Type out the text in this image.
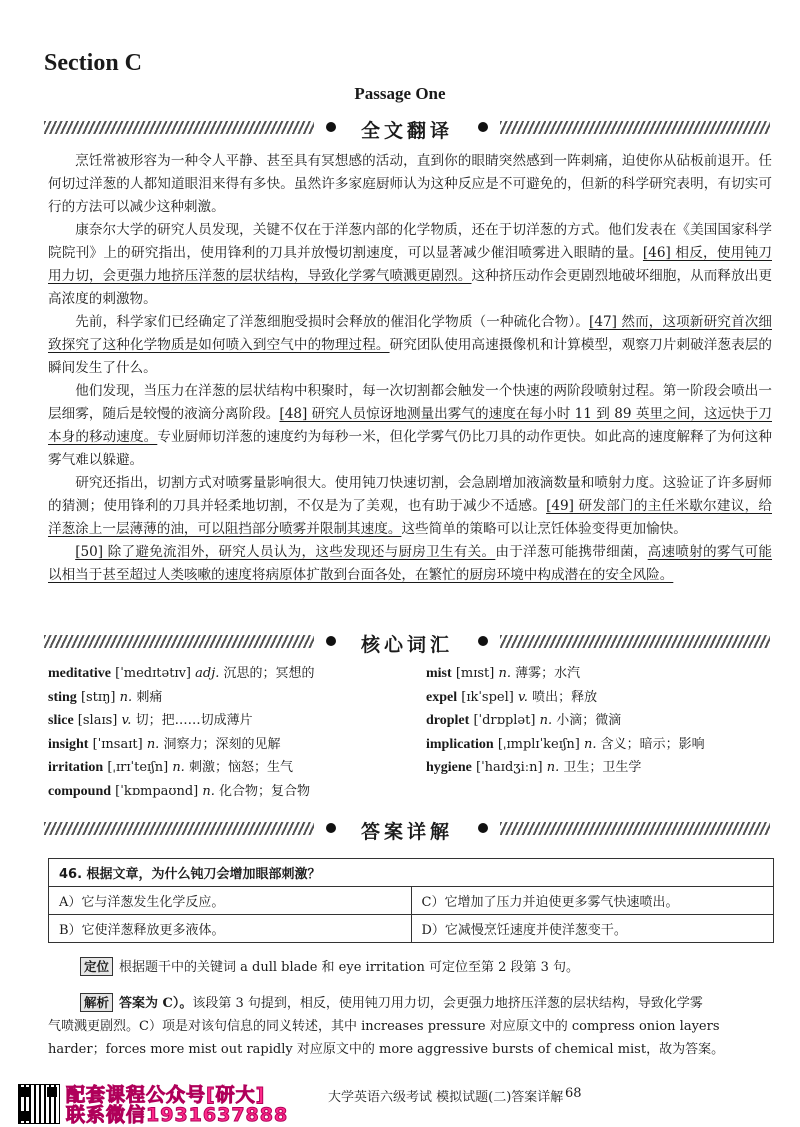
Section C
Passage One
全文翻译

烹饪常被形容为一种令人平静、甚至具有冥想感的活动，直到你的眼睛突然感到一阵刺痛，迫使你从砧板前退开。任何切过洋葱的人都知道眼泪来得有多快。虽然许多家庭厨师认为这种反应是不可避免的，但新的科学研究表明，有切实可行的方法可以减少这种刺激。

康奈尔大学的研究人员发现，关键不仅在于洋葱内部的化学物质，还在于切洋葱的方式。他们发表在《美国国家科学院院刊》上的研究指出，使用锋利的刀具并放慢切割速度，可以显著减少催泪喷雾进入眼睛的量。[46] 相反，使用钝刀用力切，会更强力地挤压洋葱的层状结构，导致化学雾气喷溅更剧烈。这种挤压动作会更剧烈地破坏细胞，从而释放出更高浓度的刺激物。

先前，科学家们已经确定了洋葱细胞受损时会释放的催泪化学物质（一种硫化合物）。[47] 然而，这项新研究首次细致探究了这种化学物质是如何喷入到空气中的物理过程。研究团队使用高速摄像机和计算模型，观察刀片刺破洋葱表层的瞬间发生了什么。

他们发现，当压力在洋葱的层状结构中积聚时，每一次切割都会触发一个快速的两阶段喷射过程。第一阶段会喷出一层细雾，随后是较慢的液滴分离阶段。[48] 研究人员惊讶地测量出雾气的速度在每小时 11 到 89 英里之间，这远快于刀本身的移动速度。专业厨师切洋葱的速度约为每秒一米，但化学雾气仍比刀具的动作更快。如此高的速度解释了为何这种雾气难以躲避。

研究还指出，切割方式对喷雾量影响很大。使用钝刀快速切割，会急剧增加液滴数量和喷射力度。这验证了许多厨师的猜测；使用锋利的刀具并轻柔地切割，不仅是为了美观，也有助于减少不适感。[49] 研发部门的主任米歇尔建议，给洋葱涂上一层薄薄的油，可以阻挡部分喷雾并限制其速度。这些简单的策略可以让烹饪体验变得更加愉快。

[50] 除了避免流泪外，研究人员认为，这些发现还与厨房卫生有关。由于洋葱可能携带细菌，高速喷射的雾气可能以相当于甚至超过人类咳嗽的速度将病原体扩散到台面各处，在繁忙的厨房环境中构成潜在的安全风险。

核心词汇
meditative [ˈmedɪtətɪv] adj. 沉思的；冥想的
sting [stɪŋ] n. 刺痛
slice [slaɪs] v. 切；把……切成薄片
insight [ˈɪnsaɪt] n. 洞察力；深刻的见解
irritation [ˌɪrɪˈteɪʃn] n. 刺激；恼怒；生气
compound [ˈkɒmpaʊnd] n. 化合物；复合物
mist [mɪst] n. 薄雾；水汽
expel [ɪkˈspel] v. 喷出；释放
droplet [ˈdrɒplət] n. 小滴；微滴
implication [ˌɪmplɪˈkeɪʃn] n. 含义；暗示；影响
hygiene [ˈhaɪdʒiːn] n. 卫生；卫生学
答案详解
46. 根据文章，为什么钝刀会增加眼部刺激？	
A）它与洋葱发生化学反应。	C）它增加了压力并迫使更多雾气快速喷出。
B）它使洋葱释放更多液体。	D）它减慢烹饪速度并使洋葱变干。
定位 根据题干中的关键词 a dull blade 和 eye irritation 可定位至第 2 段第 3 句。
解析 答案为 C）。该段第 3 句提到，相反，使用钝刀用力切，会更强力地挤压洋葱的层状结构，导致化学雾
气喷溅更剧烈。C）项是对该句信息的同义转述，其中 increases pressure 对应原文中的 compress onion layers
harder；forces more mist out rapidly 对应原文中的 more aggressive bursts of chemical mist，故为答案。
配套课程公众号[研大]
联系微信1931637888
大学英语六级考试 模拟试题(二)答案详解 68
